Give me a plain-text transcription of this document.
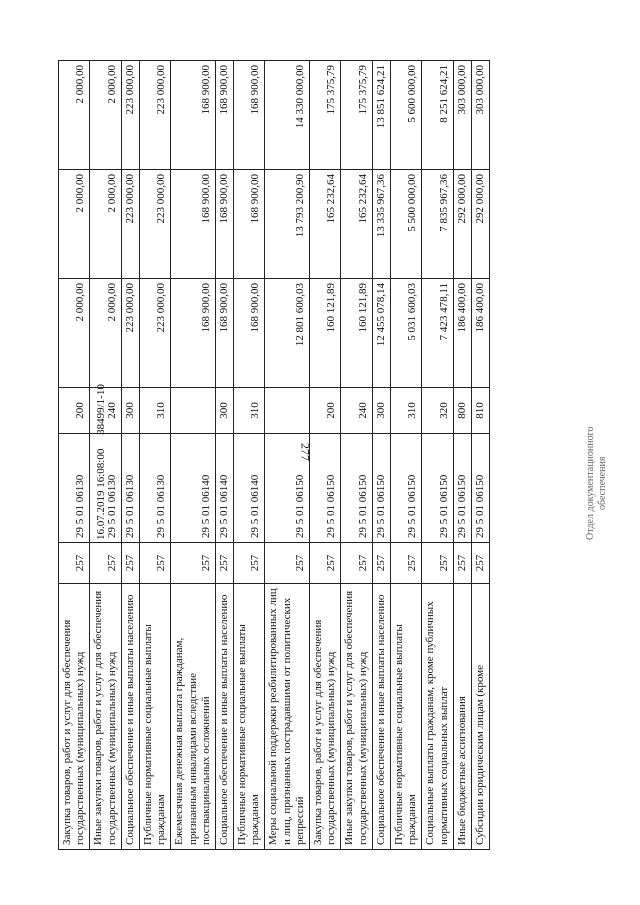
277
Закупка товаров, работ и услуг для обеспечения государственных (муниципальных) нужд	257	29 5 01 06130	200	2 000,00	2 000,00	2 000,00
Иные закупки товаров, работ и услуг для обеспечения государственных (муниципальных) нужд	257	29 5 01 06130	240	2 000,00	2 000,00	2 000,00
Социальное обеспечение и иные выплаты населению	257	29 5 01 06130	300	223 000,00	223 000,00	223 000,00
Публичные нормативные социальные выплаты гражданам	257	29 5 01 06130	310	223 000,00	223 000,00	223 000,00
Ежемесячная денежная выплата гражданам, признанным инвалидами вследствие поствакцинальных осложнений	257	29 5 01 06140		168 900,00	168 900,00	168 900,00
Социальное обеспечение и иные выплаты населению	257	29 5 01 06140	300	168 900,00	168 900,00	168 900,00
Публичные нормативные социальные выплаты гражданам	257	29 5 01 06140	310	168 900,00	168 900,00	168 900,00
Меры социальной поддержки реабилитированных лиц и лиц, признанных пострадавшими от политических репрессий	257	29 5 01 06150		12 801 600,03	13 793 200,90	14 330 000,00
Закупка товаров, работ и услуг для обеспечения государственных (муниципальных) нужд	257	29 5 01 06150	200	160 121,89	165 232,64	175 375,79
Иные закупки товаров, работ и услуг для обеспечения государственных (муниципальных) нужд	257	29 5 01 06150	240	160 121,89	165 232,64	175 375,79
Социальное обеспечение и иные выплаты населению	257	29 5 01 06150	300	12 455 078,14	13 335 967,36	13 851 624,21
Публичные нормативные социальные выплаты гражданам	257	29 5 01 06150	310	5 031 600,03	5 500 000,00	5 600 000,00
Социальные выплаты гражданам, кроме публичных нормативных социальных выплат	257	29 5 01 06150	320	7 423 478,11	7 835 967,36	8 251 624,21
Иные бюджетные ассигнования	257	29 5 01 06150	800	186 400,00	292 000,00	303 000,00
Субсидии юридическим лицам (кроме	257	29 5 01 06150	810	186 400,00	292 000,00	303 000,00
16.07.2019 16:08:00     38499/1-10
Отдел документационного обеспечения
